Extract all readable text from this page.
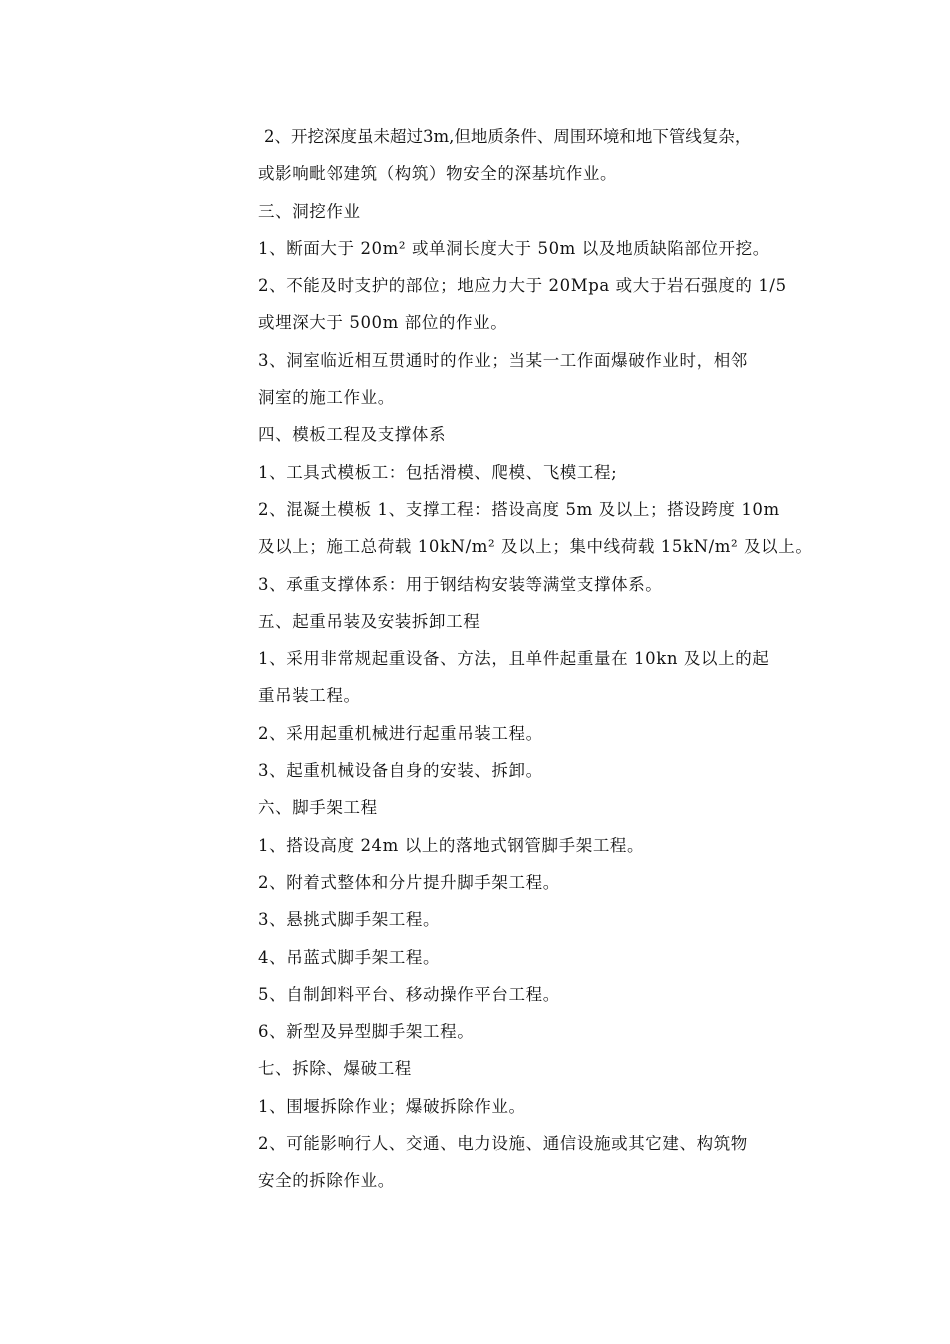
2、开挖深度虽未超过3m,但地质条件、周围环境和地下管线复杂，
或影响毗邻建筑（构筑）物安全的深基坑作业。
三、洞挖作业
1、断面大于 20m² 或单洞长度大于 50m 以及地质缺陷部位开挖。
2、不能及时支护的部位；地应力大于 20Mpa 或大于岩石强度的 1/5
或埋深大于 500m 部位的作业。
3、洞室临近相互贯通时的作业；当某一工作面爆破作业时，相邻
洞室的施工作业。
四、模板工程及支撑体系
1、工具式模板工：包括滑模、爬模、飞模工程;
2、混凝土模板 1、支撑工程：搭设高度 5m 及以上；搭设跨度 10m
及以上；施工总荷载 10kN/m² 及以上；集中线荷载 15kN/m² 及以上。
3、承重支撑体系：用于钢结构安装等满堂支撑体系。
五、起重吊装及安装拆卸工程
1、采用非常规起重设备、方法，且单件起重量在 10kn 及以上的起
重吊装工程。
2、采用起重机械进行起重吊装工程。
3、起重机械设备自身的安装、拆卸。
六、脚手架工程
1、搭设高度 24m 以上的落地式钢管脚手架工程。
2、附着式整体和分片提升脚手架工程。
3、悬挑式脚手架工程。
4、吊蓝式脚手架工程。
5、自制卸料平台、移动操作平台工程。
6、新型及异型脚手架工程。
七、拆除、爆破工程
1、围堰拆除作业；爆破拆除作业。
2、可能影响行人、交通、电力设施、通信设施或其它建、构筑物
安全的拆除作业。
